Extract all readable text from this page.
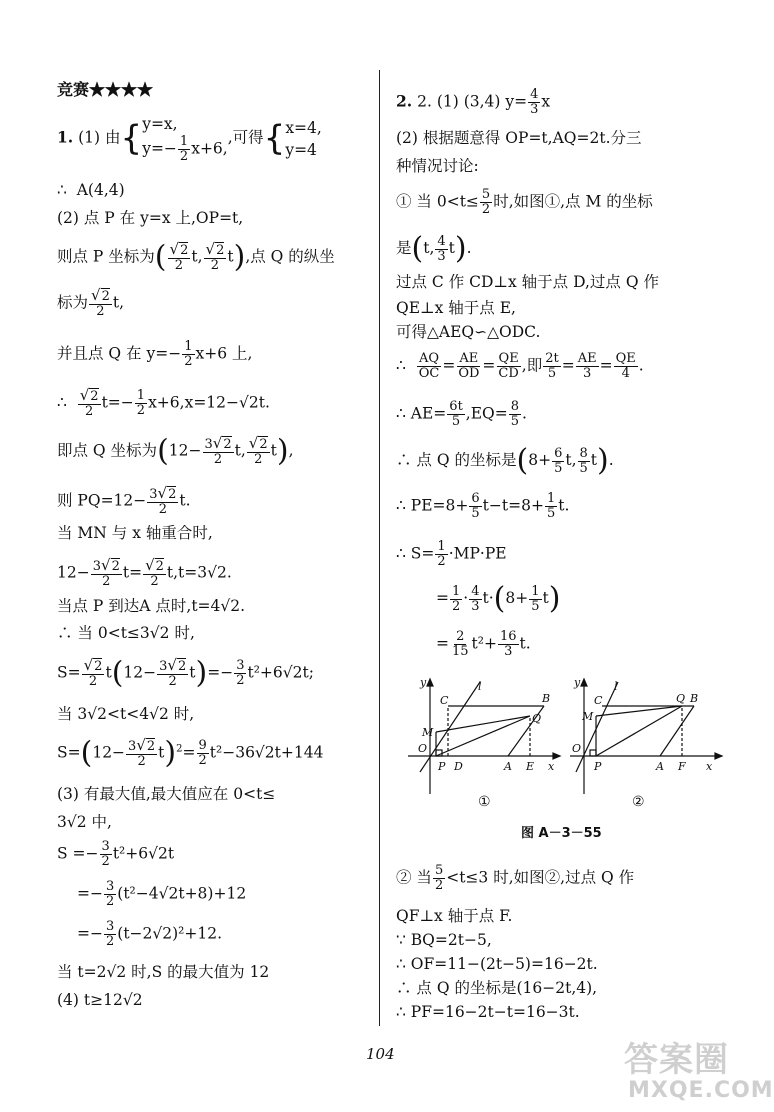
竞赛★★★★
1. (1) 由{ y=x,
$y=- \frac{1}{2} x+6$,
,可得{ x=4,
y=4
∴ A(4,4)
(2) 点 P 在 y=x 上,OP=t,
则点 P 坐标为( $\frac{√2}{2} t$, $\frac{√2}{2} t$),点 Q 的纵坐
标为 $\frac{√2}{2} t$,
并且点 Q 在 $y=- \frac{1}{2} x+6$ 上,
∴ $\frac{√2}{2} t=- \frac{1}{2} x+6,x=12-√2t$.
即点 Q 坐标为($12- \frac{3√2}{2} t$, $\frac{√2}{2} t$),
则 $PQ=12- \frac{3√2}{2} t$.
当 MN 与 x 轴重合时,
$12- \frac{3√2}{2} t= \frac{√2}{2} t,t=3√2$.
当点 P 到达A 点时,t=4√2.
∴ 当 0<t≤3√2 时,
$S= \frac{√2}{2} t(12- \frac{3√2}{2} t)=- \frac{3}{2} t^2+6√2t$;
当 3√2<t<4√2 时,
$S=(12- \frac{3√2}{2} t)^2= \frac{9}{2} t^2-36√2t+144$
(3) 有最大值,最大值应在 0<t≤
3√2 中,
$S =- \frac{3}{2} t^2+6√2t$
=− $\frac{3}{2} (t^2-4√2t+8)+12$
=− $\frac{3}{2} (t-2√2)^2+12$.
当 t=2√2 时,S 的最大值为 12
(4) t≥12√2
2. 2. (1) (3,4) $y= \frac{4}{3}$ x
(2) 根据题意得 OP=t,AQ=2t.分三
种情况讨论:
① 当 $0<t\le \frac{5}{2}$ 时,如图①,点 M 的坐标
是(t, $\frac{4}{3} t$).
过点 C 作 CD⊥x 轴于点 D,过点 Q 作
QE⊥x 轴于点 E,
可得△AEQ∽△ODC.
∴ $\frac{AQ}{OC} = \frac{AE}{OD} = \frac{QE}{CD}$ ,即 $\frac{2t}{5} = \frac{AE}{3} = \frac{QE}{4}$ .
∴ $AE= \frac{6t}{5} ,EQ= \frac{8}{5}$ .
∴ 点 Q 的坐标是($8+ \frac{6}{5} t$, $\frac{8}{5} t$).
∴ $PE=8+ \frac{6}{5} t-t=8+ \frac{1}{5} t$.
∴ $S= \frac{1}{2} \cdot MP\cdot PE$
= $\frac{1}{2} \cdot \frac{4}{3} t\cdot(8+ \frac{1}{5} t)$
= $\frac{2}{15} t^2+ \frac{16}{3} t$.
② 当 $\frac{5}{2} <t\le 3$ 时,如图②,过点 Q 作
QF⊥x 轴于点 F.
∵ BQ=2t−5,
∴ OF=11−(2t−5)=16−2t.
∴ 点 Q 的坐标是(16−2t,4),
∴ PF=16−2t−t=16−3t.
y	l
C	B
M
Q
O
P D	A E x
①
y	l
C	Q B
M
O
P	A F x
②
图 A－3－55
104	答案圈
MXQE.COM
